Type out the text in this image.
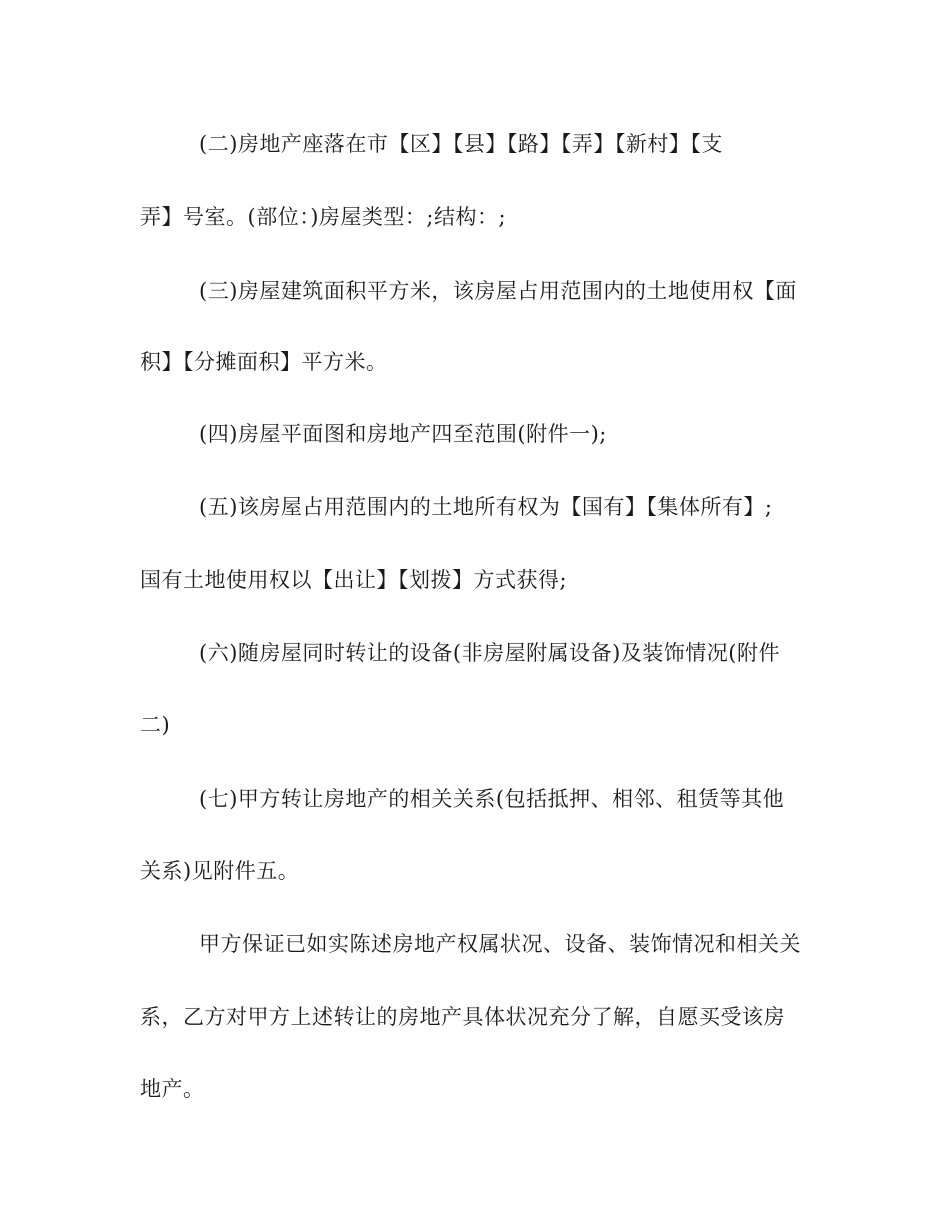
(二)房地产座落在市【区】【县】【路】【弄】【新村】【支
弄】号室。(部位：)房屋类型：;结构：;
(三)房屋建筑面积平方米，该房屋占用范围内的土地使用权【面
积】【分摊面积】平方米。
(四)房屋平面图和房地产四至范围(附件一);
(五)该房屋占用范围内的土地所有权为【国有】【集体所有】;
国有土地使用权以【出让】【划拨】方式获得;
(六)随房屋同时转让的设备(非房屋附属设备)及装饰情况(附件
二)
(七)甲方转让房地产的相关关系(包括抵押、相邻、租赁等其他
关系)见附件五。
甲方保证已如实陈述房地产权属状况、设备、装饰情况和相关关
系，乙方对甲方上述转让的房地产具体状况充分了解，自愿买受该房
地产。
